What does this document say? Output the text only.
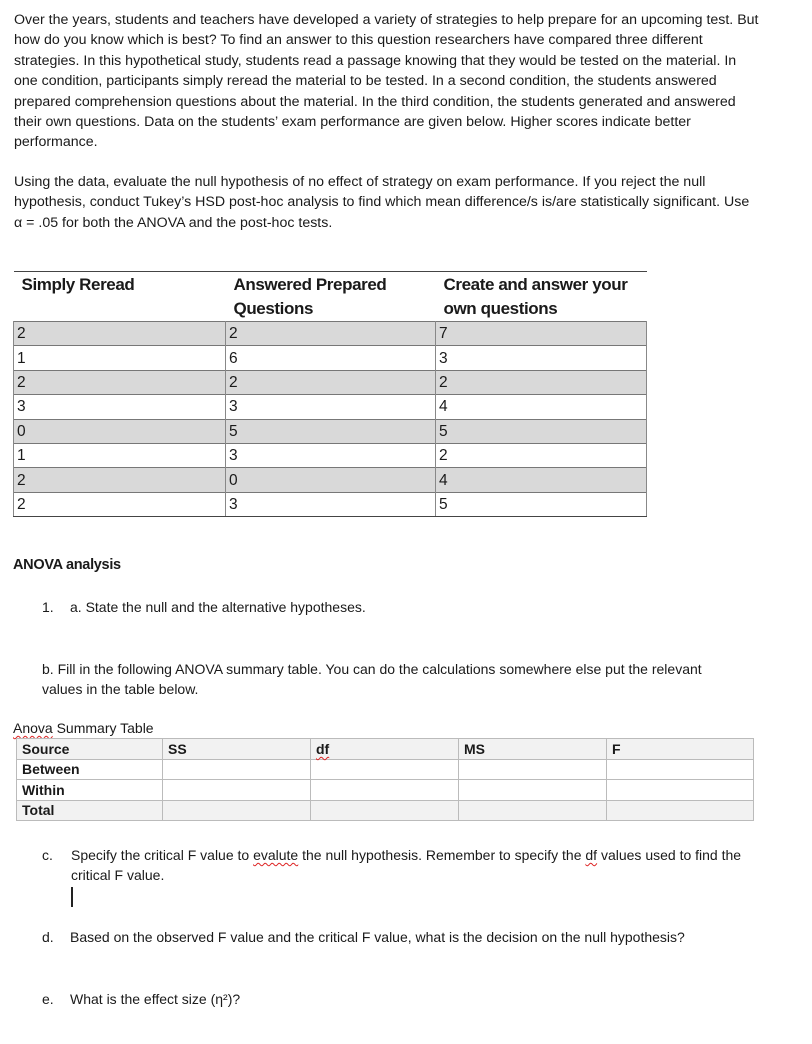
Over the years, students and teachers have developed a variety of strategies to help prepare for an upcoming test. But how do you know which is best? To find an answer to this question researchers have compared three different strategies. In this hypothetical study, students read a passage knowing that they would be tested on the material. In one condition, participants simply reread the material to be tested. In a second condition, the students answered prepared comprehension questions about the material. In the third condition, the students generated and answered their own questions. Data on the students’ exam performance are given below. Higher scores indicate better performance.
Using the data, evaluate the null hypothesis of no effect of strategy on exam performance. If you reject the null hypothesis, conduct Tukey’s HSD post-hoc analysis to find which mean difference/s is/are statistically significant. Use α = .05 for both the ANOVA and the post-hoc tests.
Simply Reread	Answered Prepared Questions	Create and answer your own questions
2	2	7
1	6	3
2	2	2
3	3	4
0	5	5
1	3	2
2	0	4
2	3	5
ANOVA analysis
1. a. State the null and the alternative hypotheses.
b. Fill in the following ANOVA summary table. You can do the calculations somewhere else put the relevant values in the table below.
Anova Summary Table
Source	SS	df	MS	F
Between				
Within				
Total				
c. Specify the critical F value to evalute the null hypothesis. Remember to specify the df values used to find the critical F value.
d. Based on the observed F value and the critical F value, what is the decision on the null hypothesis?
e. What is the effect size (η²)?
